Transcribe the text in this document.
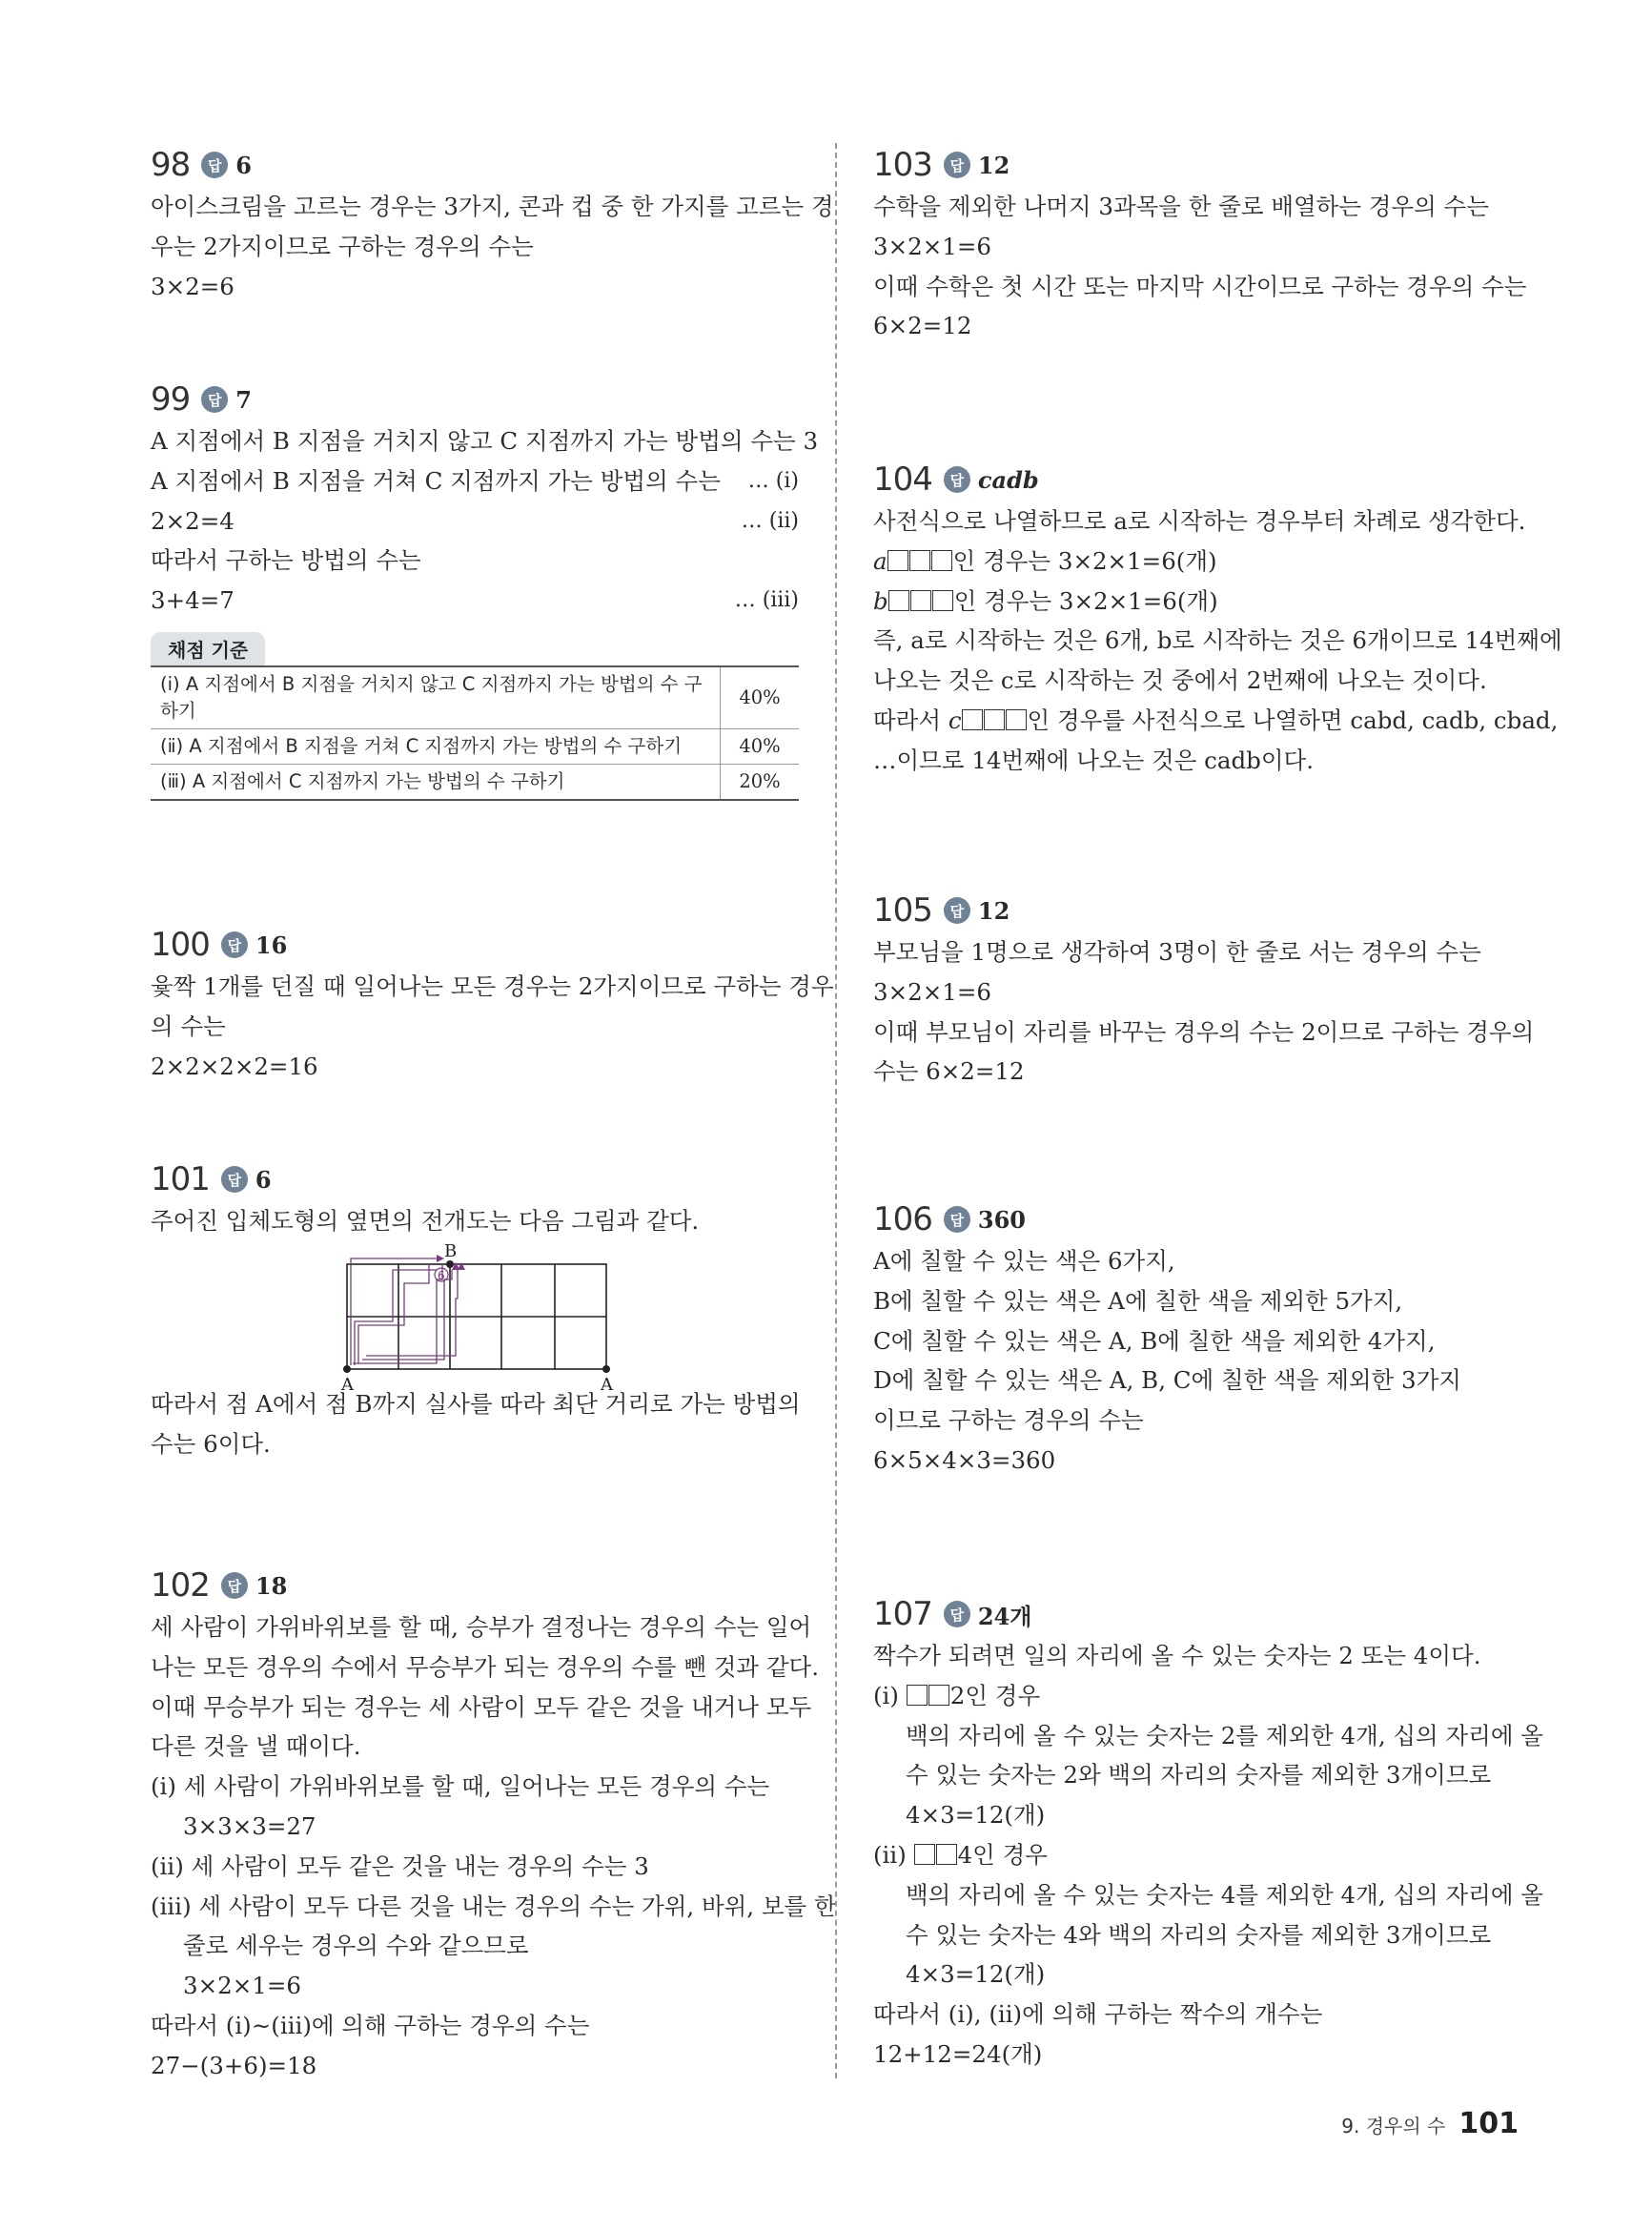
98	답 6
아이스크림을 고르는 경우는 3가지, 콘과 컵 중 한 가지를 고르는 경
우는 2가지이므로 구하는 경우의 수는
3×2=6
99	답 7
A 지점에서 B 지점을 거치지 않고 C 지점까지 가는 방법의 수는 3
… (ⅰ)
A 지점에서 B 지점을 거쳐 C 지점까지 가는 방법의 수는
2×2=4	… (ⅱ)
따라서 구하는 방법의 수는
3+4=7	… (ⅲ)
채점 기준
(ⅰ) A 지점에서 B 지점을 거치지 않고 C 지점까지 가는 방법의 수 구하기	40%
(ⅱ) A 지점에서 B 지점을 거쳐 C 지점까지 가는 방법의 수 구하기	40%
(ⅲ) A 지점에서 C 지점까지 가는 방법의 수 구하기	20%
100	답 16
윷짝 1개를 던질 때 일어나는 모든 경우는 2가지이므로 구하는 경우
의 수는
2×2×2×2=16
101	답 6
주어진 입체도형의 옆면의 전개도는 다음 그림과 같다.
A	A
B
6
따라서 점 A에서 점 B까지 실사를 따라 최단 거리로 가는 방법의
수는 6이다.
102	답 18
세 사람이 가위바위보를 할 때, 승부가 결정나는 경우의 수는 일어
나는 모든 경우의 수에서 무승부가 되는 경우의 수를 뺀 것과 같다.
이때 무승부가 되는 경우는 세 사람이 모두 같은 것을 내거나 모두
다른 것을 낼 때이다.
(ⅰ) 세 사람이 가위바위보를 할 때, 일어나는 모든 경우의 수는
3×3×3=27
(ⅱ) 세 사람이 모두 같은 것을 내는 경우의 수는 3
(ⅲ) 세 사람이 모두 다른 것을 내는 경우의 수는 가위, 바위, 보를 한
줄로 세우는 경우의 수와 같으므로
3×2×1=6
따라서 (ⅰ)~(ⅲ)에 의해 구하는 경우의 수는
27−(3+6)=18
103	답 12
수학을 제외한 나머지 3과목을 한 줄로 배열하는 경우의 수는
3×2×1=6
이때 수학은 첫 시간 또는 마지막 시간이므로 구하는 경우의 수는
6×2=12
104	답 cadb
사전식으로 나열하므로 a로 시작하는 경우부터 차례로 생각한다.
a	인 경우는 3×2×1=6(개)
b	인 경우는 3×2×1=6(개)
즉, a로 시작하는 것은 6개, b로 시작하는 것은 6개이므로 14번째에
나오는 것은 c로 시작하는 것 중에서 2번째에 나오는 것이다.
따라서 c	인 경우를 사전식으로 나열하면 cabd, cadb, cbad,
…이므로 14번째에 나오는 것은 cadb이다.
105	답 12
부모님을 1명으로 생각하여 3명이 한 줄로 서는 경우의 수는
3×2×1=6
이때 부모님이 자리를 바꾸는 경우의 수는 2이므로 구하는 경우의
수는 6×2=12
106	답 360
A에 칠할 수 있는 색은 6가지,
B에 칠할 수 있는 색은 A에 칠한 색을 제외한 5가지,
C에 칠할 수 있는 색은 A, B에 칠한 색을 제외한 4가지,
D에 칠할 수 있는 색은 A, B, C에 칠한 색을 제외한 3가지
이므로 구하는 경우의 수는
6×5×4×3=360
107	답 24개
짝수가 되려면 일의 자리에 올 수 있는 숫자는 2 또는 4이다.
(ⅰ) 2인 경우
백의 자리에 올 수 있는 숫자는 2를 제외한 4개, 십의 자리에 올
수 있는 숫자는 2와 백의 자리의 숫자를 제외한 3개이므로
4×3=12(개)
(ⅱ) 4인 경우
백의 자리에 올 수 있는 숫자는 4를 제외한 4개, 십의 자리에 올
수 있는 숫자는 4와 백의 자리의 숫자를 제외한 3개이므로
4×3=12(개)
따라서 (ⅰ), (ⅱ)에 의해 구하는 짝수의 개수는
12+12=24(개)
9. 경우의 수 101
